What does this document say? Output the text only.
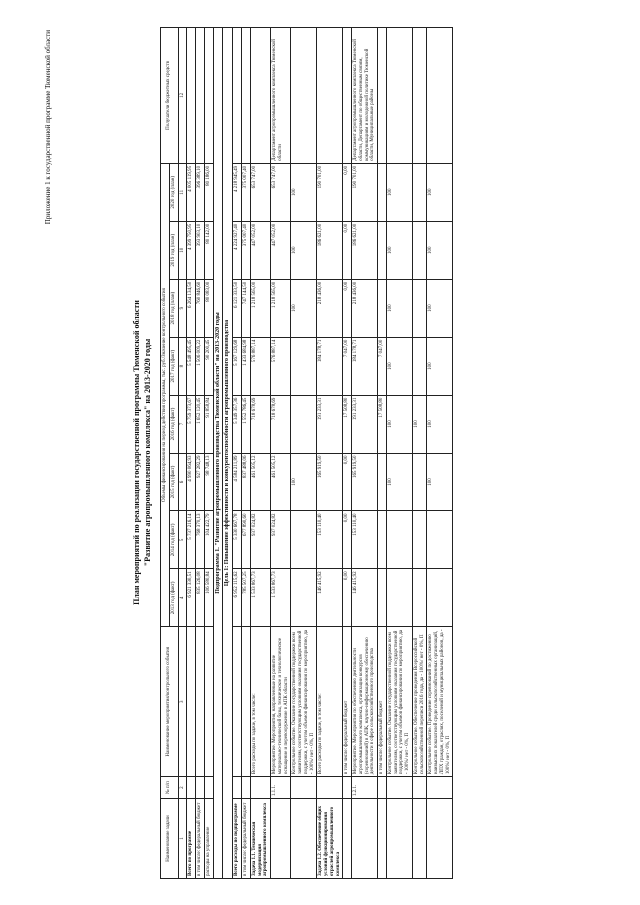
Приложение 1 к государственной программе Тюменской области
План мероприятий по реализации государственной программы Тюменской области "Развитие агропромышленного комплекса" на 2013-2020 годы
Наименование задачи	№ п/п	Наименование мероприятия/контрольного события	Объемы финансирования на период действия программы, тыс. руб./Значение контрольного события								Получатели бюджетных средств
			2013 год (факт)	2014 год (факт)	2015 год (факт)	2016 год (факт)	2017 год (факт)	2018 год (план)	2019 год (план)	2020 год (план)	
1	2	3	4	5	6	7	8	9	10	11	12
Всего по программе			6 921 330,51	5 737 216,14	4 990 064,93	5 759 373,67	5 548 495,45	6 264 134,50	4 399 750,95	4 005 119,95	
в том числе: федеральный бюджет			835 126,08	768 370,13	927 282,29	1 652 120,45	1 506 009,22	760 846,60	393 903,10	396 389,10	
расходы на управление			106 580,84	104 422,79	98 748,13	91 858,84	90 200,45	80 083,00	80 142,00	80 186,00	
Подпрограмма 1. "Развитие агропромышленного производства Тюменской области" на 2013-2020 годы											
Цель 1: Повышение эффективности и конкурентоспособности агропромышленного производства											
Всего расходы по подпрограмме			6 952 115,62	5 330 667,78	4 584 211,89	5 349 357,36	5 167 129,68	6 121 333,50	4 224 927,40	4 218 945,49	
в том числе: федеральный бюджет			785 507,25	677 890,60	837 488,06	1 552 786,45	1 433 684,98	747 144,50	375 007,40	375 007,40	
Задача 1.1. Техническая модернизация агропромышленного комплекса		Всего расходы по задаче, в том числе:	1 533 867,73	937 024,82	461 505,12	718 678,69	576 887,14	1 218 565,00	447 052,00	653 747,00	
	1.1.1.	Мероприятие. Мероприятия, направленные на развитие материально-технической базы, техническое и технологическое оснащение и перевооружение в АПК области	1 533 867,73	937 024,82	461 505,12	718 678,69	576 887,14	1 218 565,00	447 052,00	653 747,00	Департамент агропромышленного комплекса Тюменской области
		Контрольное событие. Оказание государственной поддержки всем заявителям, соответствующим условиям оказания государственной поддержки, с учетом объемов финансирования по мероприятию, да - 100%/ нет - 0%, П			100			100	100	100	
Задача 1.2. Обеспечение общих условий функционирования отраслей агропромышленного комплекса		Всего расходы по задаче, в том числе:	146 415,92	153 110,40	165 919,50	191 233,31	184 178,71	218 436,00	186 621,00	190 701,00	
		в том числе: федеральный бюджет	0,00	0,00	0,00	17 508,80	7 047,00	0,00	0,00	0,00	
	1.2.1.	Мероприятие. Мероприятия по обеспечению деятельности агропромышленного комплекса, организации конкурсов (соревнований) в АПК, научно-информационному обеспечению деятельности в сфере сельскохозяйственного производства	146 415,92	153 110,40	165 919,50	191 233,31	184 178,71	218 436,00	186 621,00	190 701,00	Департамент агропромышленного комплекса Тюменской области, Департамент по общественным связям, коммуникациям и молодежной политике Тюменской области, Муниципальные районы
		в том числе: федеральный бюджет				17 508,80	7 047,00				
		Контрольное событие. Оказание государственной поддержки всем заявителям, соответствующим условиям оказания государственной поддержки, с учетом объемов финансирования по мероприятию, да - 100%/ нет - 0%, П			100	100	100	100	100	100	
		Контрольное событие. Обеспечение проведения Всероссийской сельскохозяйственной переписи 2016 года, да - 100%/ нет - 0%, П				100					
		Контрольное событие. Проведение соревнований по достижению наивысших показателей среди сельскохозяйственных организаций, ЛПХ граждан, отраслях, поселений и муниципальных районов, да - 100%/ нет - 0%, П			100	100	100	100	100	100	
